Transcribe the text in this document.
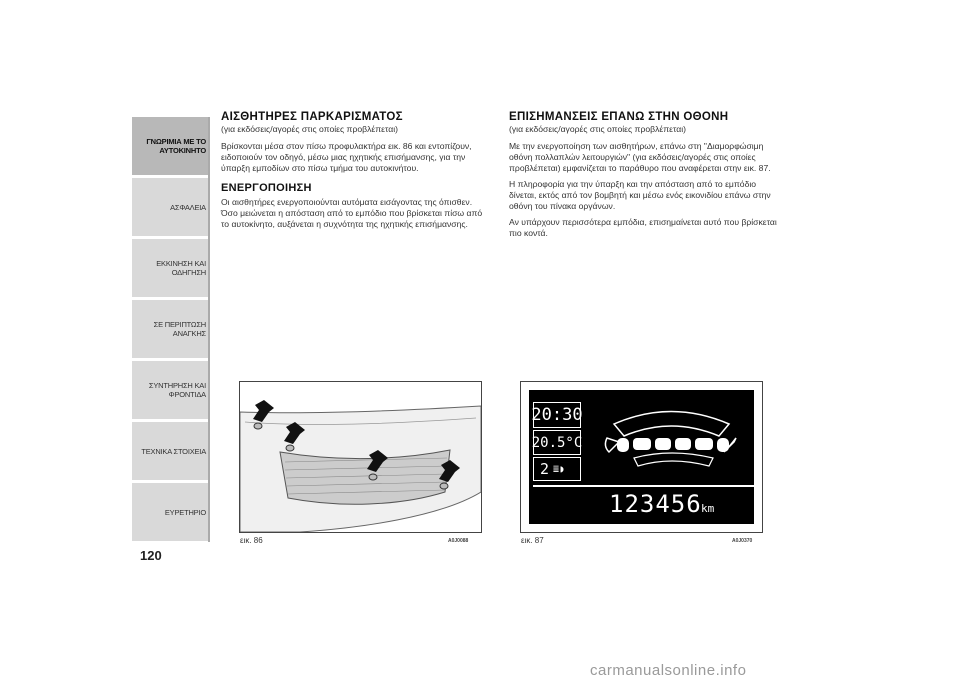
ΓΝΩΡΙΜΙΑ ΜΕ ΤΟ
ΑΥΤΟΚΙΝΗΤΟ
ΑΣΦΑΛΕΙΑ
ΕΚΚΙΝΗΣΗ ΚΑΙ
ΟΔΗΓΗΣΗ
ΣΕ ΠΕΡΙΠΤΩΣΗ
ΑΝΑΓΚΗΣ
ΣΥΝΤΗΡΗΣΗ ΚΑΙ
ΦΡΟΝΤΙΔΑ
ΤΕΧΝΙΚΑ ΣΤΟΙΧΕΙΑ
ΕΥΡΕΤΗΡΙΟ
120
ΑΙΣΘΗΤΗΡΕΣ ΠΑΡΚΑΡΙΣΜΑΤΟΣ

(για εκδόσεις/αγορές στις οποίες προβλέπεται)

Βρίσκονται μέσα στον πίσω προφυλακτήρα εικ. 86 και εντοπίζουν, ειδοποιούν τον οδηγό, μέσω μιας ηχητικής επισήμανσης, για την ύπαρξη εμποδίων στο πίσω τμήμα του αυτοκινήτου.

ΕΝΕΡΓΟΠΟΙΗΣΗ

Οι αισθητήρες ενεργοποιούνται αυτόματα εισάγοντας της όπισθεν. Όσο μειώνεται η απόσταση από το εμπόδιο που βρίσκεται πίσω από το αυτοκίνητο, αυξάνεται η συχνότητα της ηχητικής επισήμανσης.

ΕΠΙΣΗΜΑΝΣΕΙΣ ΕΠΑΝΩ ΣΤΗΝ ΟΘΟΝΗ

(για εκδόσεις/αγορές στις οποίες προβλέπεται)

Με την ενεργοποίηση των αισθητήρων, επάνω στη "Διαμορφώσιμη οθόνη πολλαπλών λειτουργιών" (για εκδόσεις/αγορές στις οποίες προβλέπεται) εμφανίζεται το παράθυρο που αναφέρεται στην εικ. 87.

Η πληροφορία για την ύπαρξη και την απόσταση από το εμπόδιο δίνεται, εκτός από τον βομβητή και μέσω ενός εικονιδίου επάνω στην οθόνη του πίνακα οργάνων.

Αν υπάρχουν περισσότερα εμπόδια, επισημαίνεται αυτό που βρίσκεται πιο κοντά.

εικ. 86	A0J0088
20:30
20.5°C
2 ≣◗
123456 km
εικ. 87	A0J0370
carmanualsonline.info
